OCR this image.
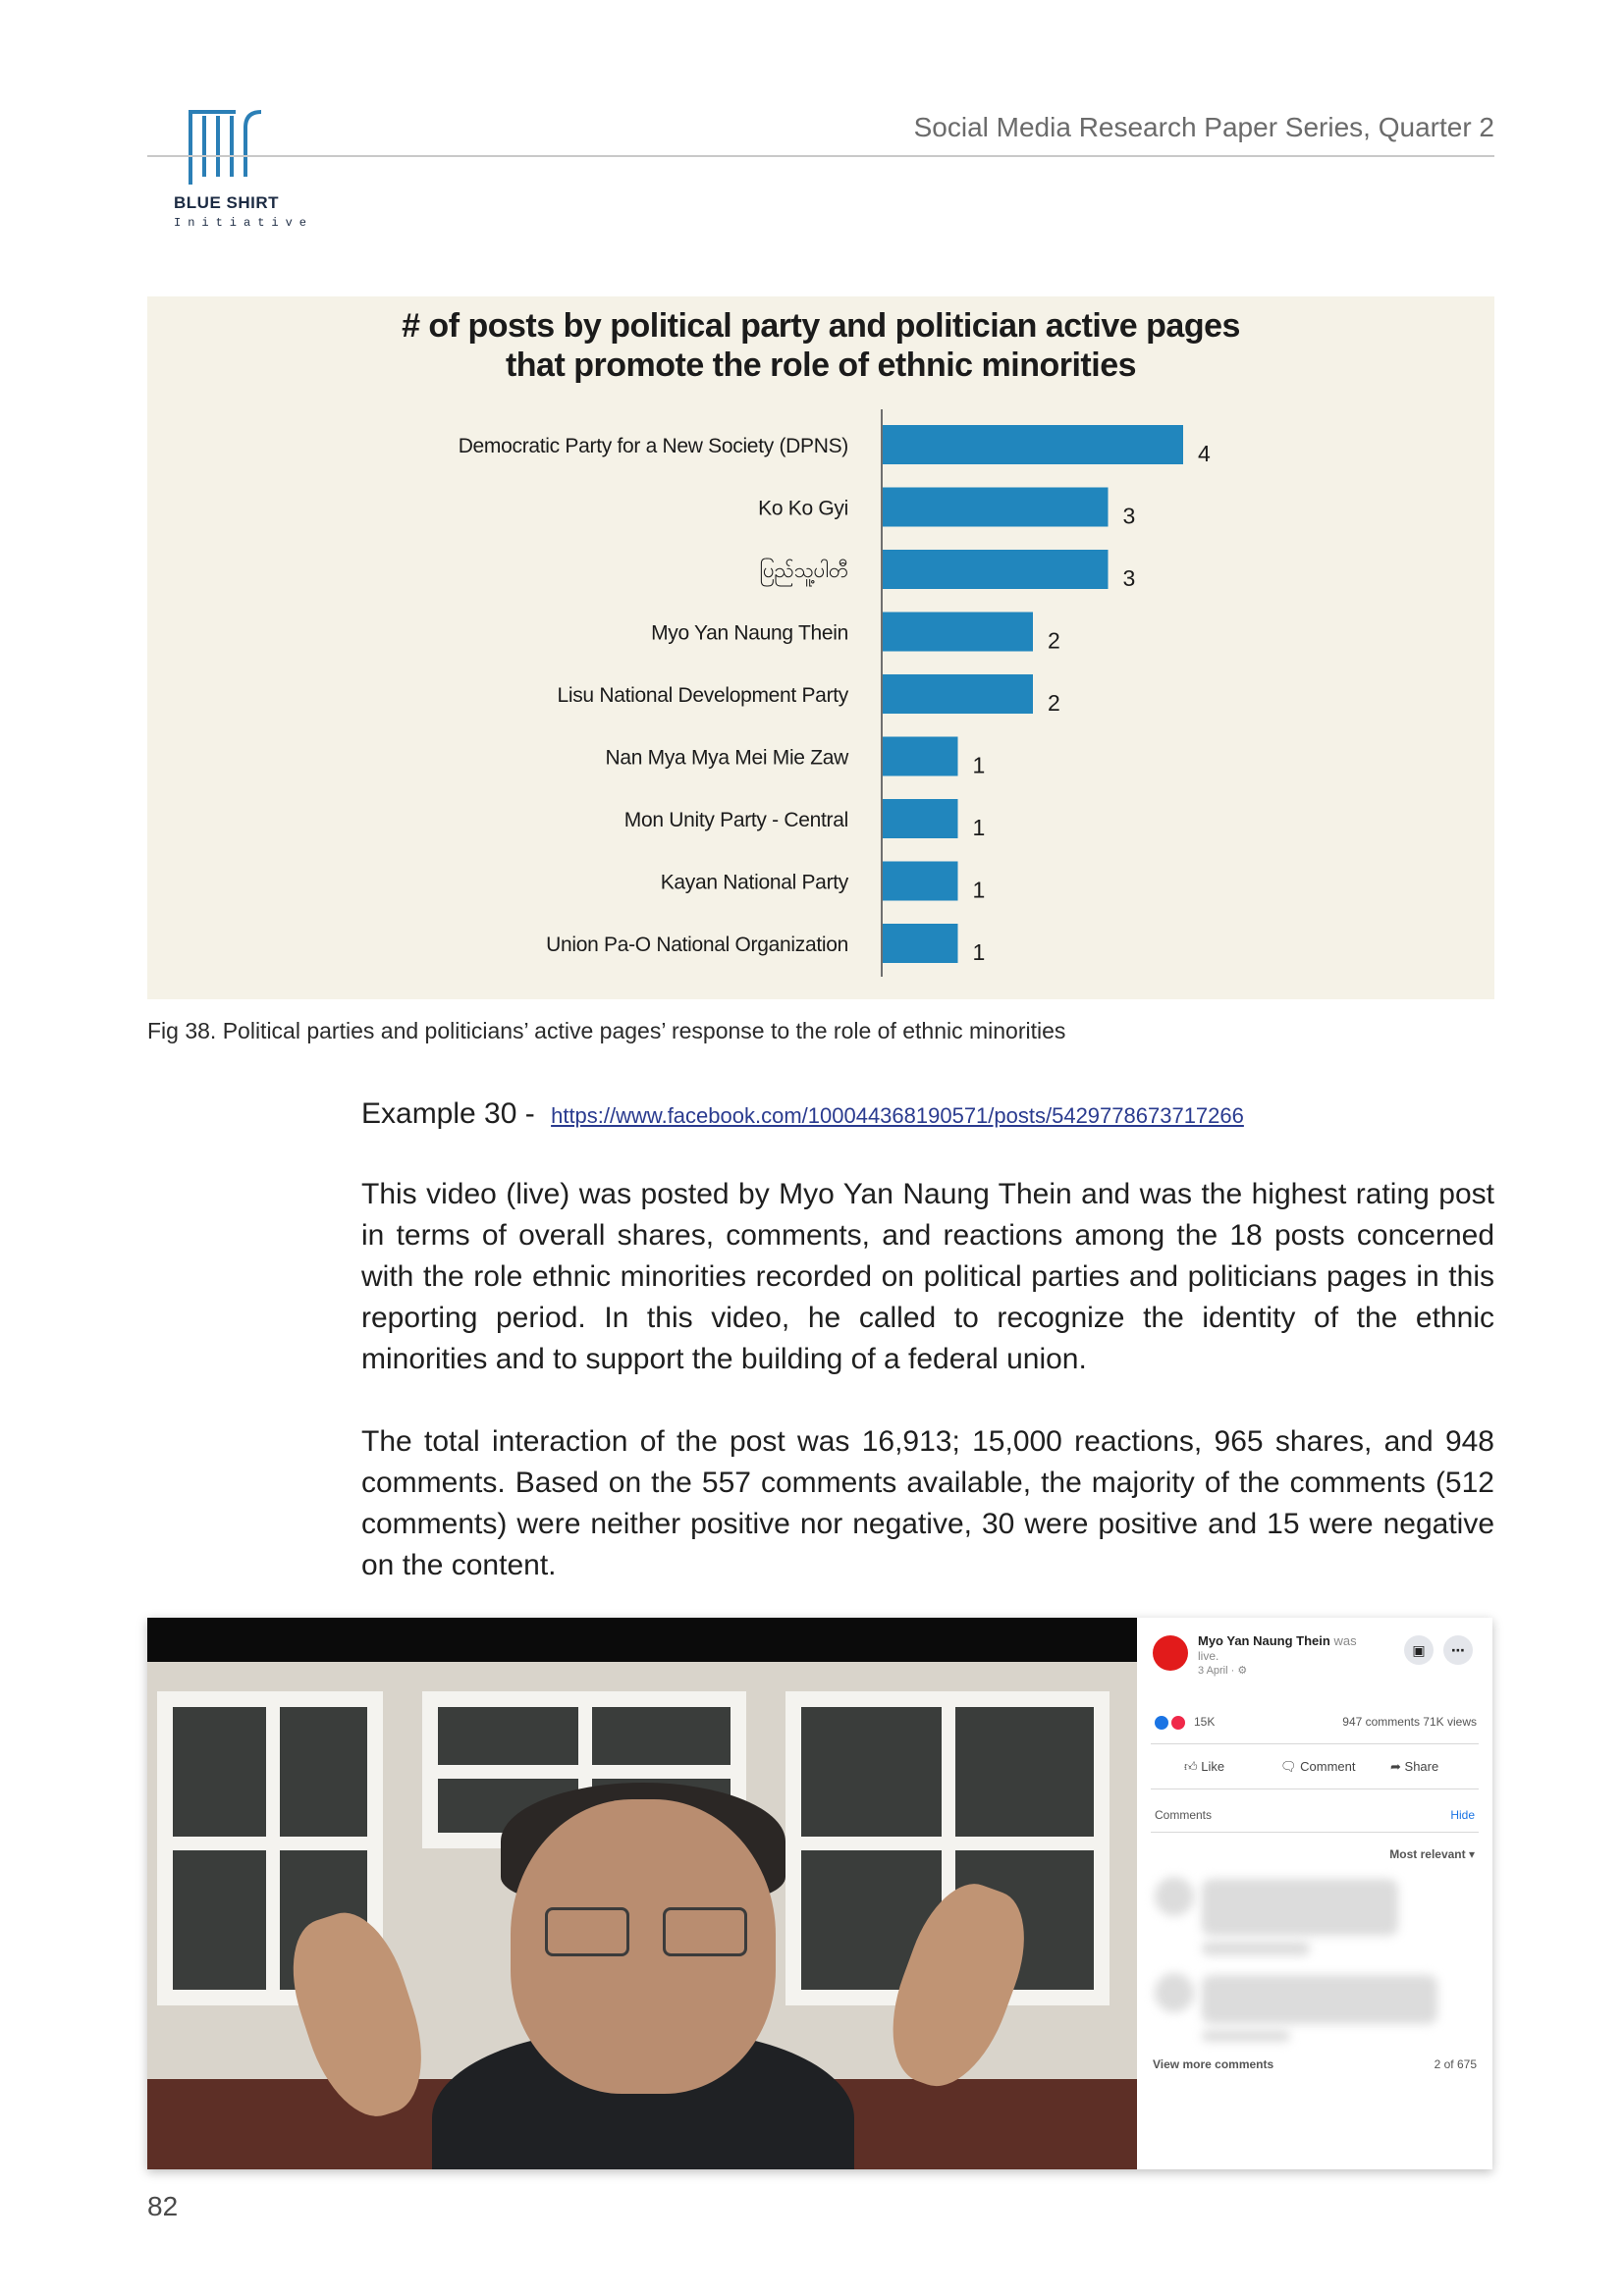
BLUE SHIRT
Initiative
Social Media Research Paper Series, Quarter 2
# of posts by political party and politician active pages
that promote the role of ethnic minorities
Democratic Party for a New Society (DPNS)	4
Ko Ko Gyi	3
ပြည်သူ့ပါတီ	3
Myo Yan Naung Thein	2
Lisu National Development Party	2
Nan Mya Mya Mei Mie Zaw	1
Mon Unity Party - Central	1
Kayan National Party	1
Union Pa-O National Organization	1
Fig 38. Political parties and politicians’ active pages’ response to the role of ethnic minorities
Example 30 - https://www.facebook.com/100044368190571/posts/5429778673717266

This video (live) was posted by Myo Yan Naung Thein and was the highest rating post in terms of overall shares, comments, and reactions among the 18 posts concerned with the role ethnic minorities recorded on political parties and politicians pages in this reporting period. In this video, he called to recognize the identity of the ethnic minorities and to support the building of a federal union.

The total interaction of the post was 16,913; 15,000 reactions, 965 shares, and 948 comments. Based on the 557 comments available, the majority of the comments (512 comments) were neither positive nor negative, 30 were positive and 15 were negative on the content.

Myo Yan Naung Thein was
live.
3 April · ⚙
▣	⋯

15K	947 comments 71K views
👍︎ Like	🗨︎ Comment	➦ Share
Comments	Hide
Most relevant ▾
View more comments	2 of 675
82
